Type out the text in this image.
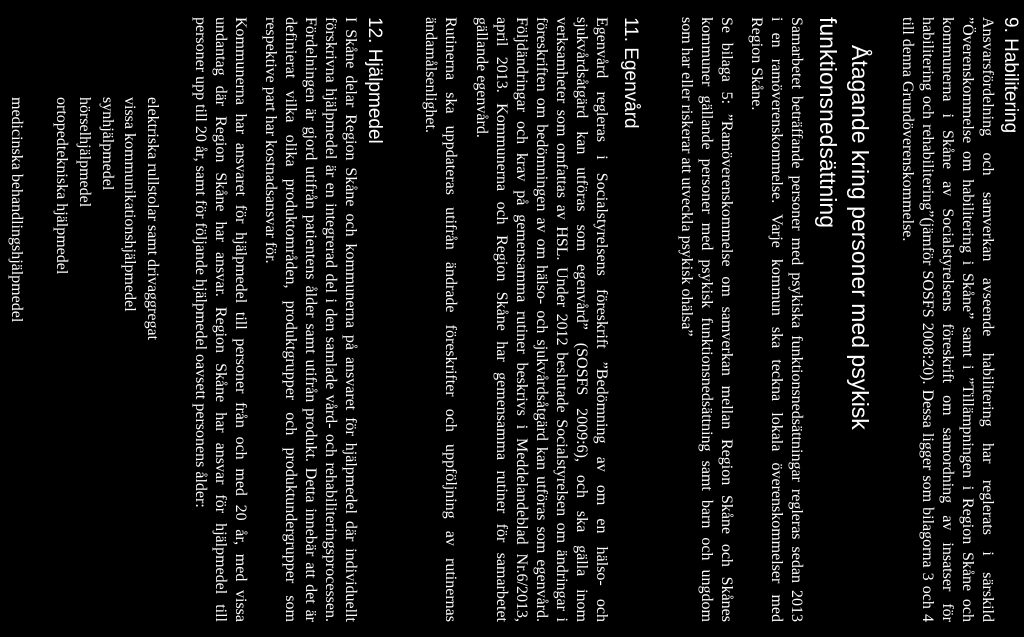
9. Habilitering
Ansvarsfördelning och samverkan avseende habilitering har reglerats i särskild
”Överenskommelse om habilitering i Skåne” samt i ”Tillämpningen i Region Skåne och
kommunerna i Skåne av Socialstyrelsens föreskrift om samordning av insatser för
habilitering och rehabilitering”(jämför SOSFS 2008:20). Dessa ligger som bilagorna 3 och 4
till denna Grundöverenskommelse.
Åtagande kring personer med psykisk
funktionsnedsättning
Samarbetet beträffande personer med psykiska funktionsnedsättningar regleras sedan 2013
i en ramöverenskommelse. Varje kommun ska teckna lokala överenskommelser med
Region Skåne.
Se bilaga 5: ”Ramöverenskommelse om samverkan mellan Region Skåne och Skånes
kommuner gällande personer med psykisk funktionsnedsättning samt barn och ungdom
som har eller riskerar att utveckla psykisk ohälsa”
11. Egenvård
Egenvård regleras i Socialstyrelsens föreskrift ”Bedömning av om en hälso- och
sjukvårdsåtgärd kan utföras som egenvård” (SOSFS 2009:6), och ska gälla inom
verksamheter som omfattas av HSL. Under 2012 beslutade Socialstyrelsen om ändringar i
föreskriften om bedömningen av om hälso- och sjukvårdsåtgärd kan utföras som egenvård.
Följdändringar och krav på gemensamma rutiner beskrivs i Meddelandeblad Nr.6/2013,
april 2013. Kommunerna och Region Skåne har gemensamma rutiner för samarbetet
gällande egenvård.
Rutinerna ska uppdateras utifrån ändrade föreskrifter och uppföljning av rutinernas
ändamålsenlighet.
12. Hjälpmedel
I Skåne delar Region Skåne och kommunerna på ansvaret för hjälpmedel där individuellt
förskrivna hjälpmedel är en integrerad del i den samlade vård- och rehabiliteringsprocessen.
Fördelningen är gjord utifrån patientens ålder samt utifrån produkt. Detta innebär att det är
definierat vilka olika produktområden, produktgrupper och produktundergrupper som
respektive part har kostnadsansvar för.
Kommunerna har ansvaret för hjälpmedel till personer från och med 20 år, med vissa
undantag där Region Skåne har ansvar. Region Skåne har ansvar för hjälpmedel till
personer upp till 20 år, samt för följande hjälpmedel oavsett personens ålder:
elektriska rullstolar samt drivaggregat
vissa kommunikationshjälpmedel
synhjälpmedel
hörselhjälpmedel
ortopedtekniska hjälpmedel
medicinska behandlingshjälpmedel
